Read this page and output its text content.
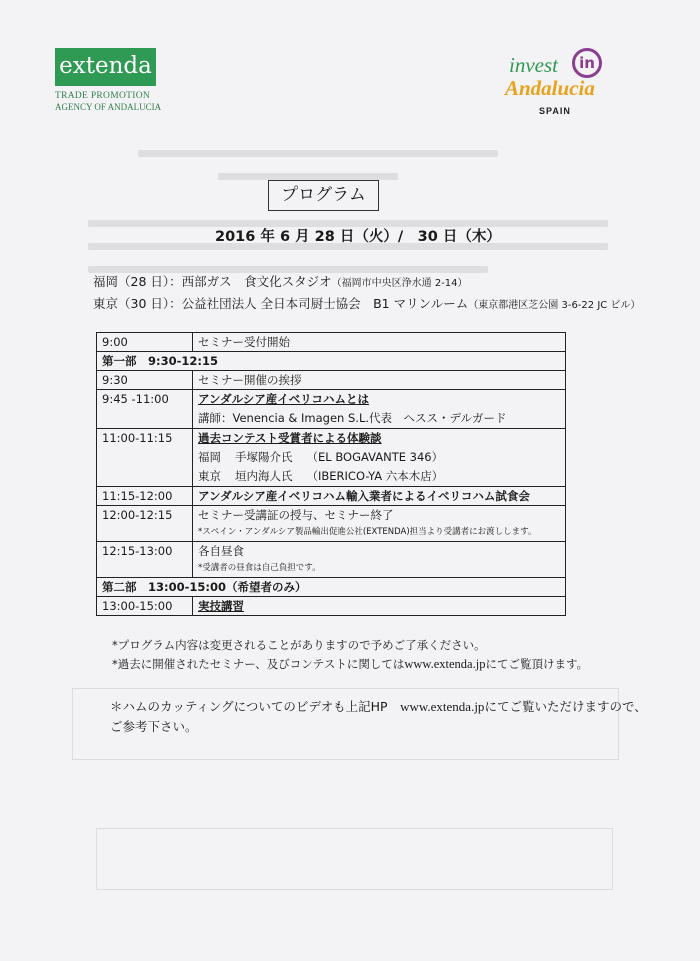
extenda
TRADE PROMOTION
AGENCY OF ANDALUCIA
invest	in
Andalucia
SPAIN
プログラム
2016 年 6 月 28 日（火）/　30 日（木）
福岡（28 日）：西部ガス　食文化スタジオ（福岡市中央区浄水通 2-14）
東京（30 日）：公益社団法人 全日本司厨士協会　B1 マリンルーム（東京都港区芝公園 3-6-22 JC ビル）
9:00	セミナー受付開始
第一部　9:30-12:15	
9:30	セミナー開催の挨拶

9:45 -11:00	アンダルシア産イベリコハムとは
講師：Venencia & Imagen S.L.代表　ヘスス・デルガード

11:00-11:15	過去コンテスト受賞者による体験談
福岡 手塚陽介氏 （EL BOGAVANTE 346）
東京 垣内海人氏 （IBERICO-YA 六本木店）

11:15-12:00	アンダルシア産イベリコハム輸入業者によるイベリコハム試食会

12:00-12:15	セミナー受講証の授与、セミナー終了
*スペイン・アンダルシア製品輸出促進公社(EXTENDA)担当より受講者にお渡しします。

12:15-13:00	各自昼食
*受講者の昼食は自己負担です。

第二部　13:00-15:00（希望者のみ）	
13:00-15:00	実技講習
*プログラム内容は変更されることがありますので予めご了承ください。
*過去に開催されたセミナー、及びコンテストに関してはwww.extenda.jpにてご覧頂けます。
＊ハムのカッティングについてのビデオも上記HP　www.extenda.jpにてご覧いただけますので、
ご参考下さい。
